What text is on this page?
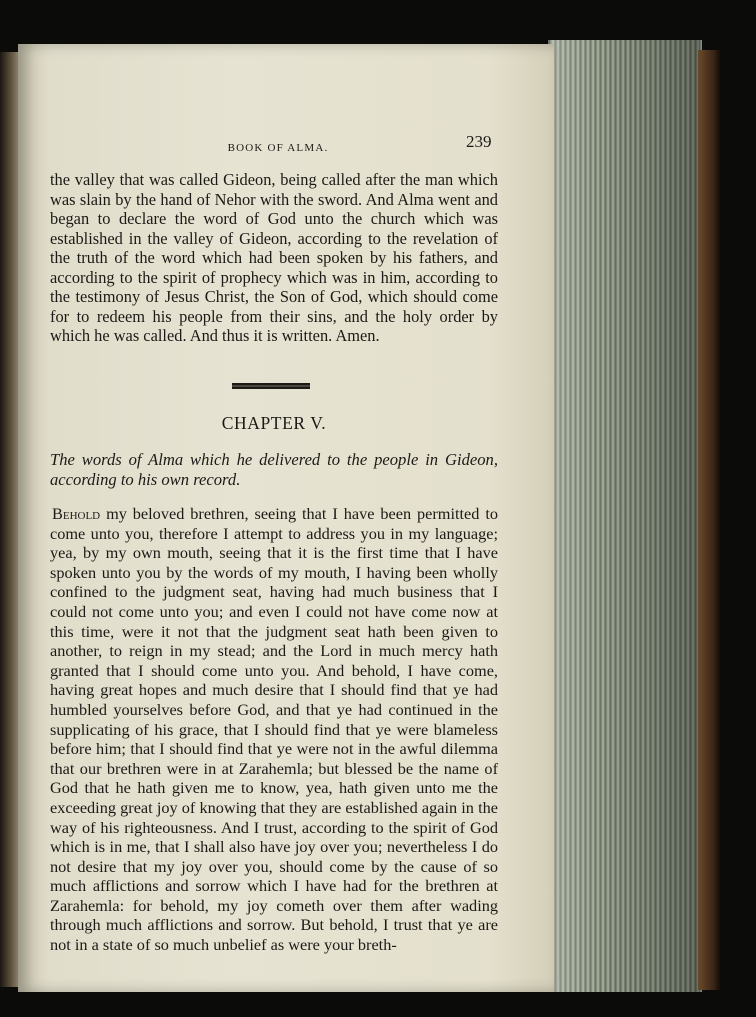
BOOK OF ALMA.	239

the valley that was called Gideon, being called after the man which was slain by the hand of Nehor with the sword. And Alma went and began to declare the word of God unto the church which was established in the valley of Gideon, according to the revelation of the truth of the word which had been spoken by his fathers, and according to the spirit of prophecy which was in him, according to the testimony of Jesus Christ, the Son of God, which should come for to redeem his people from their sins, and the holy order by which he was called. And thus it is written. Amen.

CHAPTER V.
The words of Alma which he delivered to the people in Gideon, according to his own record.
Behold my beloved brethren, seeing that I have been permitted to come unto you, therefore I attempt to address you in my language; yea, by my own mouth, seeing that it is the first time that I have spoken unto you by the words of my mouth, I having been wholly confined to the judgment seat, having had much business that I could not come unto you; and even I could not have come now at this time, were it not that the judgment seat hath been given to another, to reign in my stead; and the Lord in much mercy hath granted that I should come unto you. And behold, I have come, having great hopes and much desire that I should find that ye had humbled yourselves before God, and that ye had continued in the supplicating of his grace, that I should find that ye were blameless before him; that I should find that ye were not in the awful dilemma that our brethren were in at Zarahemla; but blessed be the name of God that he hath given me to know, yea, hath given unto me the exceeding great joy of knowing that they are established again in the way of his righteousness. And I trust, according to the spirit of God which is in me, that I shall also have joy over you; nevertheless I do not desire that my joy over you, should come by the cause of so much afflictions and sorrow which I have had for the brethren at Zarahemla: for behold, my joy cometh over them after wading through much afflictions and sorrow. But behold, I trust that ye are not in a state of so much unbelief as were your breth-
